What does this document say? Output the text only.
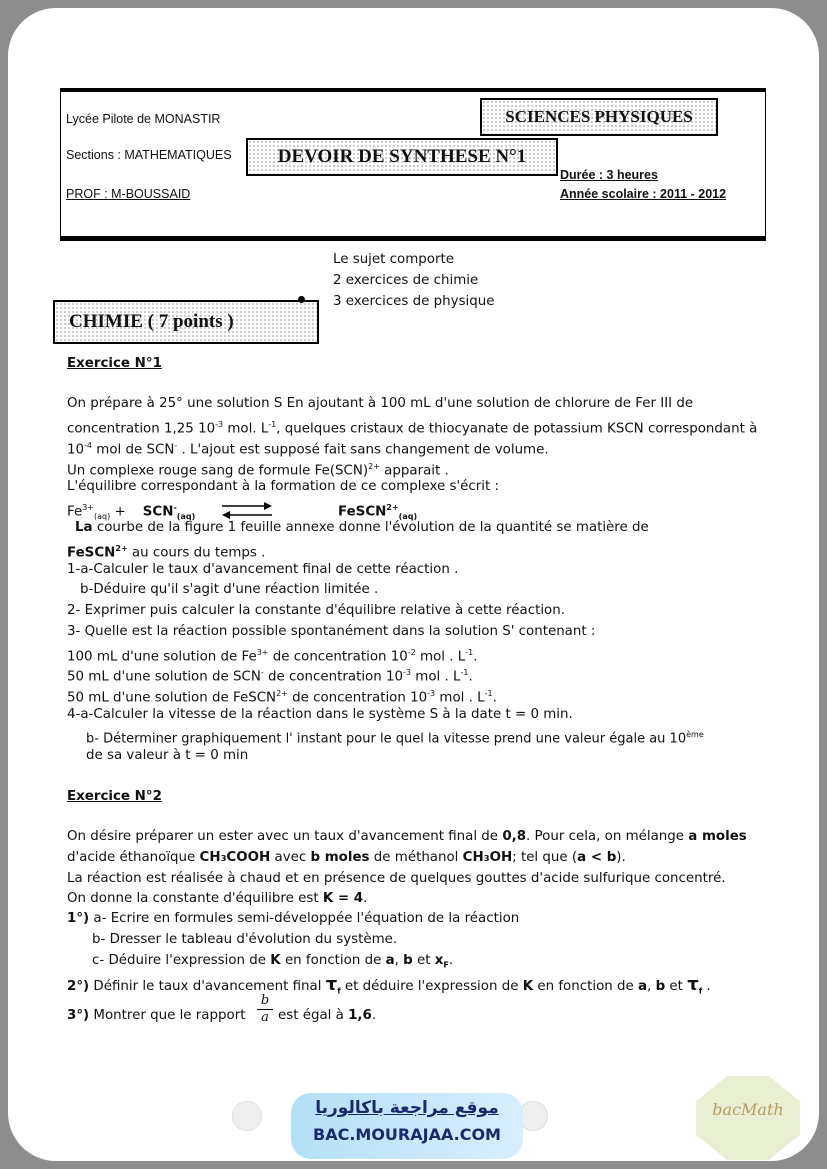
Lycée Pilote de MONASTIR
Sections : MATHEMATIQUES
PROF : M-BOUSSAID
SCIENCES PHYSIQUES
DEVOIR DE SYNTHESE N°1
Durée : 3 heures
Année scolaire : 2011 - 2012
Le sujet comporte
2 exercices de chimie
3 exercices de physique
CHIMIE ( 7 points )
Exercice N°1
On prépare à 25° une solution S En ajoutant à 100 mL d'une solution de chlorure de Fer III de
concentration 1,25 $10^{-3}$ mol. $L^{-1}$, quelques cristaux de thiocyanate de potassium KSCN correspondant à
$10^{-4}$ mol de SCN- . L'ajout est supposé fait sans changement de volume.
Un complexe rouge sang de formule Fe(SCN)$^{2+}$ apparait .
L'équilibre correspondant à la formation de ce complexe s'écrit :
$Fe^{3+}_{(aq)} + SCN^-_{(aq)}$	FeSCN$^{2+}_{(aq)}$
La courbe de la figure 1 feuille annexe donne l'évolution de la quantité se matière de
FeSCN$^{2+}$ au cours du temps .
1-a-Calculer le taux d'avancement final de cette réaction .
b-Déduire qu'il s'agit d'une réaction limitée .
2- Exprimer puis calculer la constante d'équilibre relative à cette réaction.
3- Quelle est la réaction possible spontanément dans la solution S' contenant :
100 mL d'une solution de $Fe^{3+}$ de concentration $10^{-2}$ mol . $L^{-1}$.
50 mL d'une solution de SCN- de concentration $10^{-3}$ mol . $L^{-1}$.
50 mL d'une solution de FeSCN$^{2+}$ de concentration $10^{-3}$ mol . $L^{-1}$.
4-a-Calculer la vitesse de la réaction dans le système S à la date t = 0 min.
b- Déterminer graphiquement l' instant pour le quel la vitesse prend une valeur égale au 10ème
de sa valeur à t = 0 min
Exercice N°2
On désire préparer un ester avec un taux d'avancement final de 0,8. Pour cela, on mélange a moles
d'acide éthanoïque CH₃COOH avec b moles de méthanol CH₃OH; tel que (a < b).
La réaction est réalisée à chaud et en présence de quelques gouttes d'acide sulfurique concentré.
On donne la constante d'équilibre est K = 4.
1°) a- Ecrire en formules semi-développée l'équation de la réaction
b- Dresser le tableau d'évolution du système.
c- Déduire l'expression de K en fonction de a, b et $x_F$.
2°) Définir le taux d'avancement final $\tau_f$ et déduire l'expression de K en fonction de a, b et $\tau_f$ .
3°) Montrer que le rapport
b
a est égal à 1,6.
موقع مراجعة باكالوريا
BAC.MOURAJAA.COM
bacMath
